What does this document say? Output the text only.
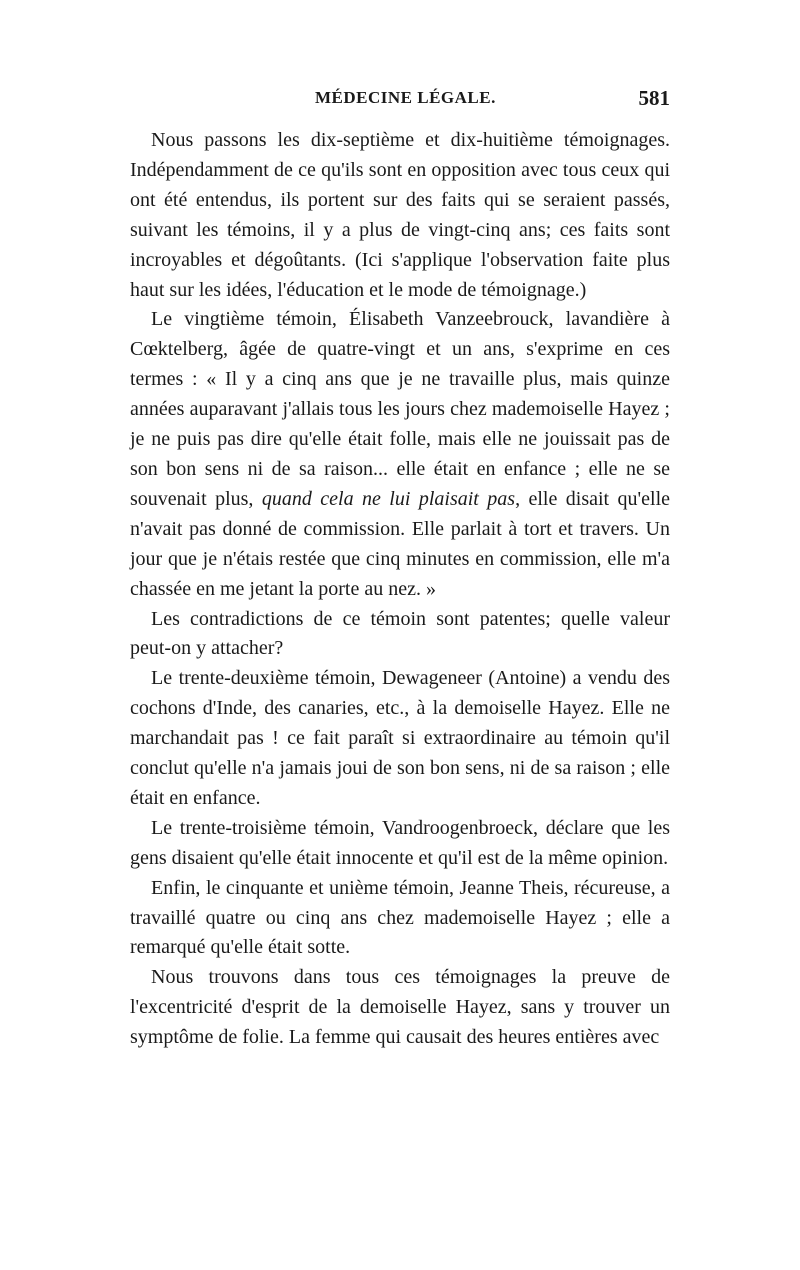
MÉDECINE LÉGALE.	581

Nous passons les dix-septième et dix-huitième témoignages. Indépendamment de ce qu'ils sont en opposition avec tous ceux qui ont été entendus, ils portent sur des faits qui se seraient passés, suivant les témoins, il y a plus de vingt-cinq ans; ces faits sont incroyables et dégoûtants. (Ici s'applique l'observation faite plus haut sur les idées, l'éducation et le mode de témoignage.)

Le vingtième témoin, Élisabeth Vanzeebrouck, lavandière à Cœktelberg, âgée de quatre-vingt et un ans, s'exprime en ces termes : « Il y a cinq ans que je ne travaille plus, mais quinze années auparavant j'allais tous les jours chez mademoiselle Hayez ; je ne puis pas dire qu'elle était folle, mais elle ne jouissait pas de son bon sens ni de sa raison... elle était en enfance ; elle ne se souvenait plus, quand cela ne lui plaisait pas, elle disait qu'elle n'avait pas donné de commission. Elle parlait à tort et travers. Un jour que je n'étais restée que cinq minutes en commission, elle m'a chassée en me jetant la porte au nez. »

Les contradictions de ce témoin sont patentes; quelle valeur peut-on y attacher?

Le trente-deuxième témoin, Dewageneer (Antoine) a vendu des cochons d'Inde, des canaries, etc., à la demoiselle Hayez. Elle ne marchandait pas ! ce fait paraît si extraordinaire au témoin qu'il conclut qu'elle n'a jamais joui de son bon sens, ni de sa raison ; elle était en enfance.

Le trente-troisième témoin, Vandroogenbroeck, déclare que les gens disaient qu'elle était innocente et qu'il est de la même opinion.

Enfin, le cinquante et unième témoin, Jeanne Theis, récureuse, a travaillé quatre ou cinq ans chez mademoiselle Hayez ; elle a remarqué qu'elle était sotte.

Nous trouvons dans tous ces témoignages la preuve de l'excentricité d'esprit de la demoiselle Hayez, sans y trouver un symptôme de folie. La femme qui causait des heures entières avec
